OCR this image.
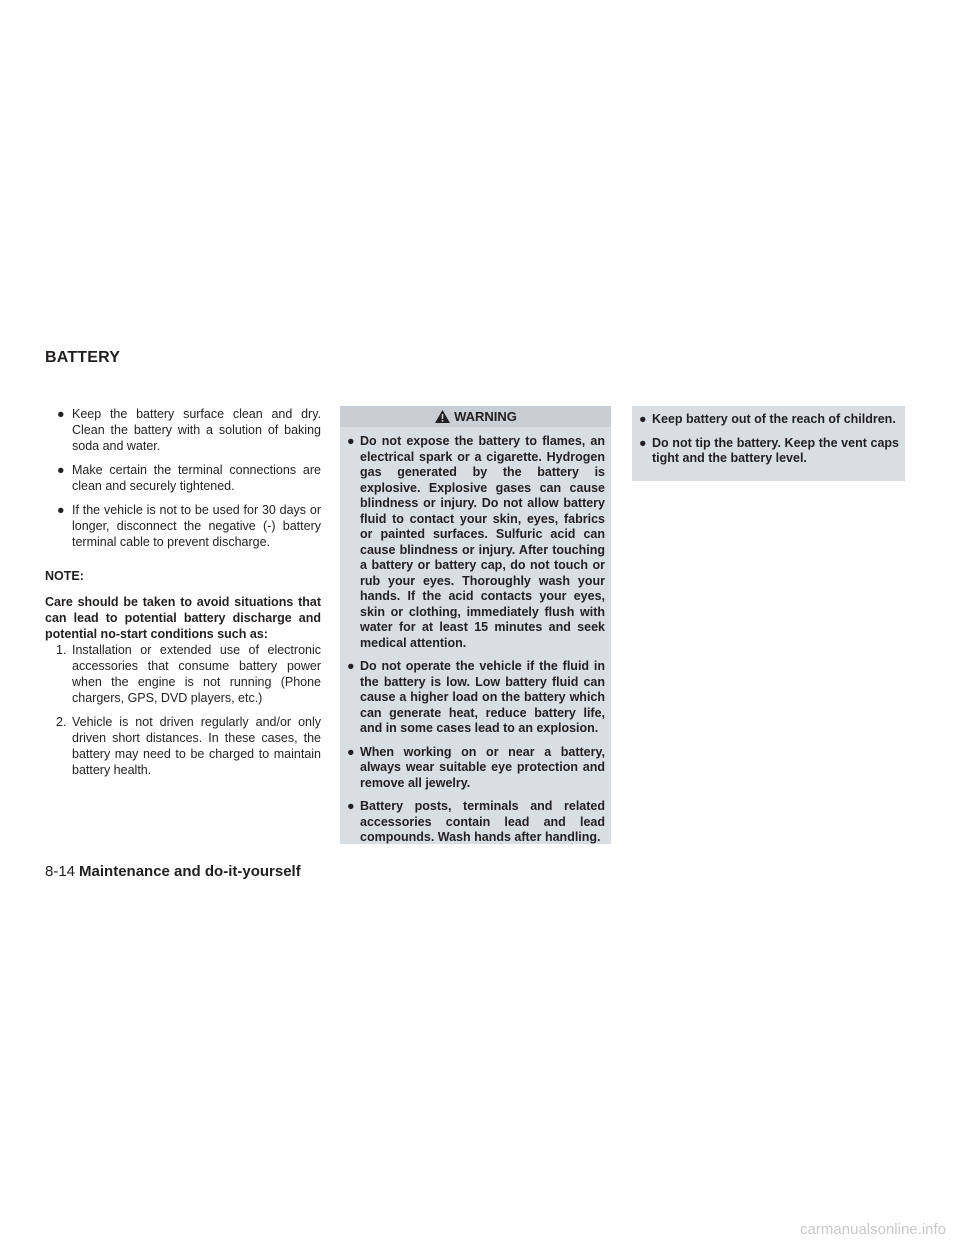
BATTERY
● Keep the battery surface clean and dry. Clean the battery with a solution of baking soda and water.
● Make certain the terminal connections are clean and securely tightened.
● If the vehicle is not to be used for 30 days or longer, disconnect the negative (-) battery terminal cable to prevent discharge.
NOTE:
Care should be taken to avoid situations that can lead to potential battery discharge and potential no-start conditions such as:
1. Installation or extended use of electronic accessories that consume battery power when the engine is not running (Phone chargers, GPS, DVD players, etc.)
2. Vehicle is not driven regularly and/or only driven short distances. In these cases, the battery may need to be charged to maintain battery health.
WARNING
● Do not expose the battery to flames, an electrical spark or a cigarette. Hydrogen gas generated by the battery is explosive. Explosive gases can cause blindness or injury. Do not allow battery fluid to contact your skin, eyes, fabrics or painted surfaces. Sulfuric acid can cause blindness or injury. After touching a battery or battery cap, do not touch or rub your eyes. Thoroughly wash your hands. If the acid contacts your eyes, skin or clothing, immediately flush with water for at least 15 minutes and seek medical attention.
● Do not operate the vehicle if the fluid in the battery is low. Low battery fluid can cause a higher load on the battery which can generate heat, reduce battery life, and in some cases lead to an explosion.
● When working on or near a battery, always wear suitable eye protection and remove all jewelry.
● Battery posts, terminals and related accessories contain lead and lead compounds. Wash hands after handling.
● Keep battery out of the reach of children.
● Do not tip the battery. Keep the vent caps tight and the battery level.
8-14 Maintenance and do-it-yourself
carmanualsonline.info
